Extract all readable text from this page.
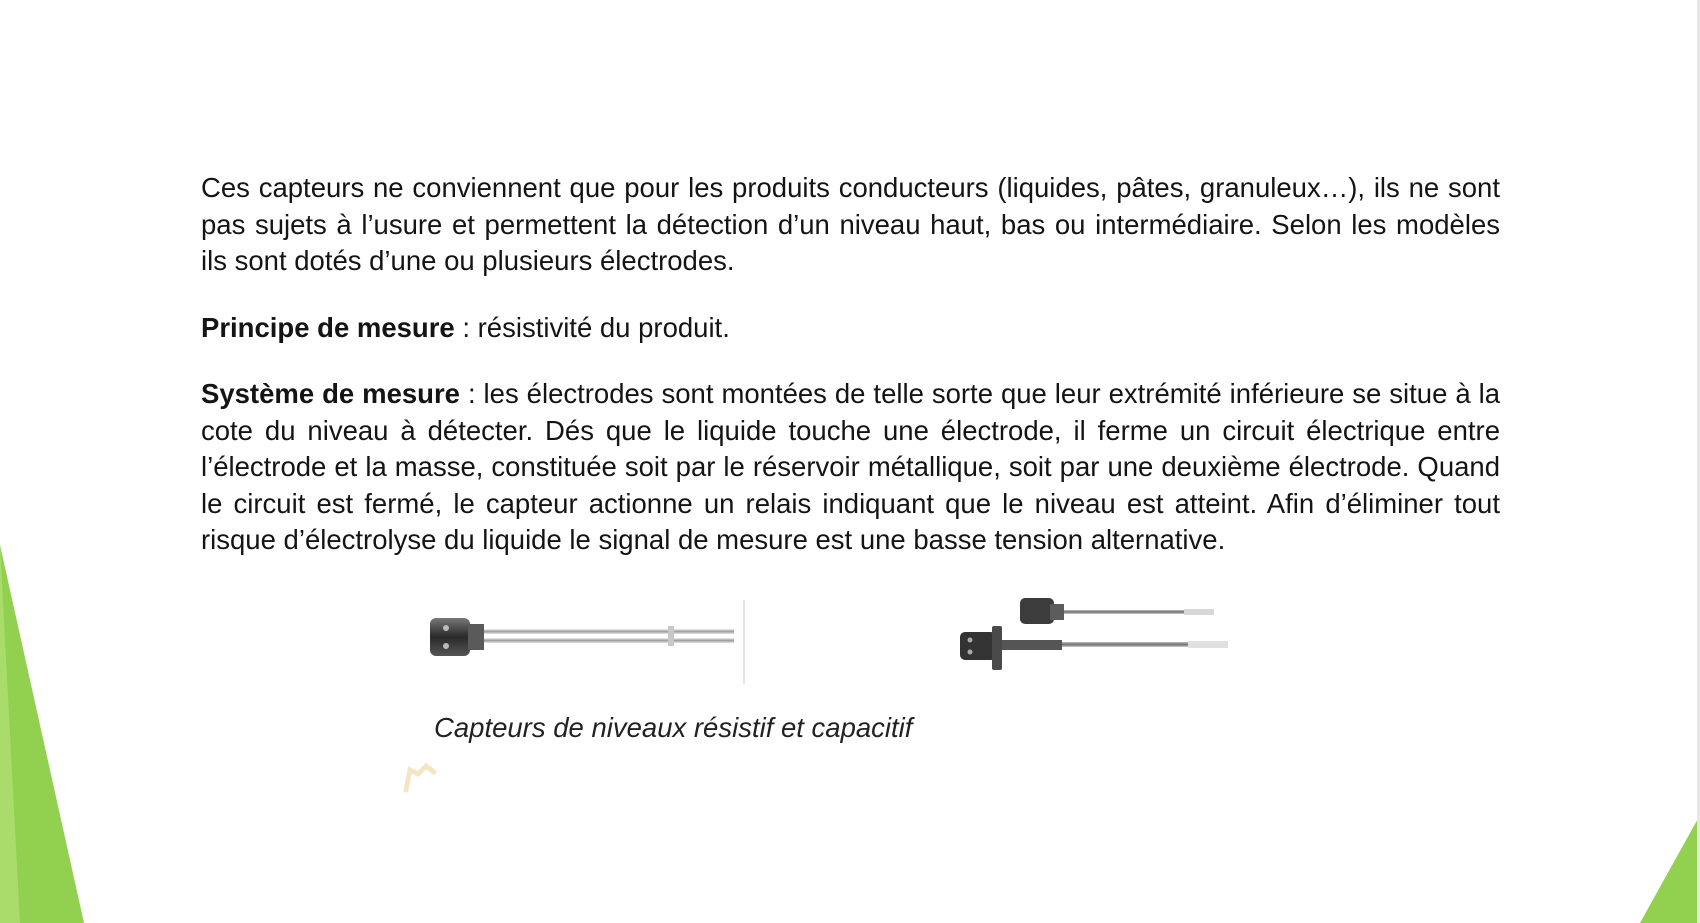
Ces capteurs ne conviennent que pour les produits conducteurs (liquides, pâtes, granuleux…), ils ne sont pas sujets à l’usure et permettent la détection d’un niveau haut, bas ou intermédiaire. Selon les modèles ils sont dotés d’une ou plusieurs électrodes.

Principe de mesure : résistivité du produit.

Système de mesure : les électrodes sont montées de telle sorte que leur extrémité inférieure se situe à la cote du niveau à détecter. Dés que le liquide touche une électrode, il ferme un circuit électrique entre l’électrode et la masse, constituée soit par le réservoir métallique, soit par une deuxième électrode. Quand le circuit est fermé, le capteur actionne un relais indiquant que le niveau est atteint. Afin d’éliminer tout risque d’électrolyse du liquide le signal de mesure est une basse tension alternative.

Capteurs de niveaux résistif et capacitif
